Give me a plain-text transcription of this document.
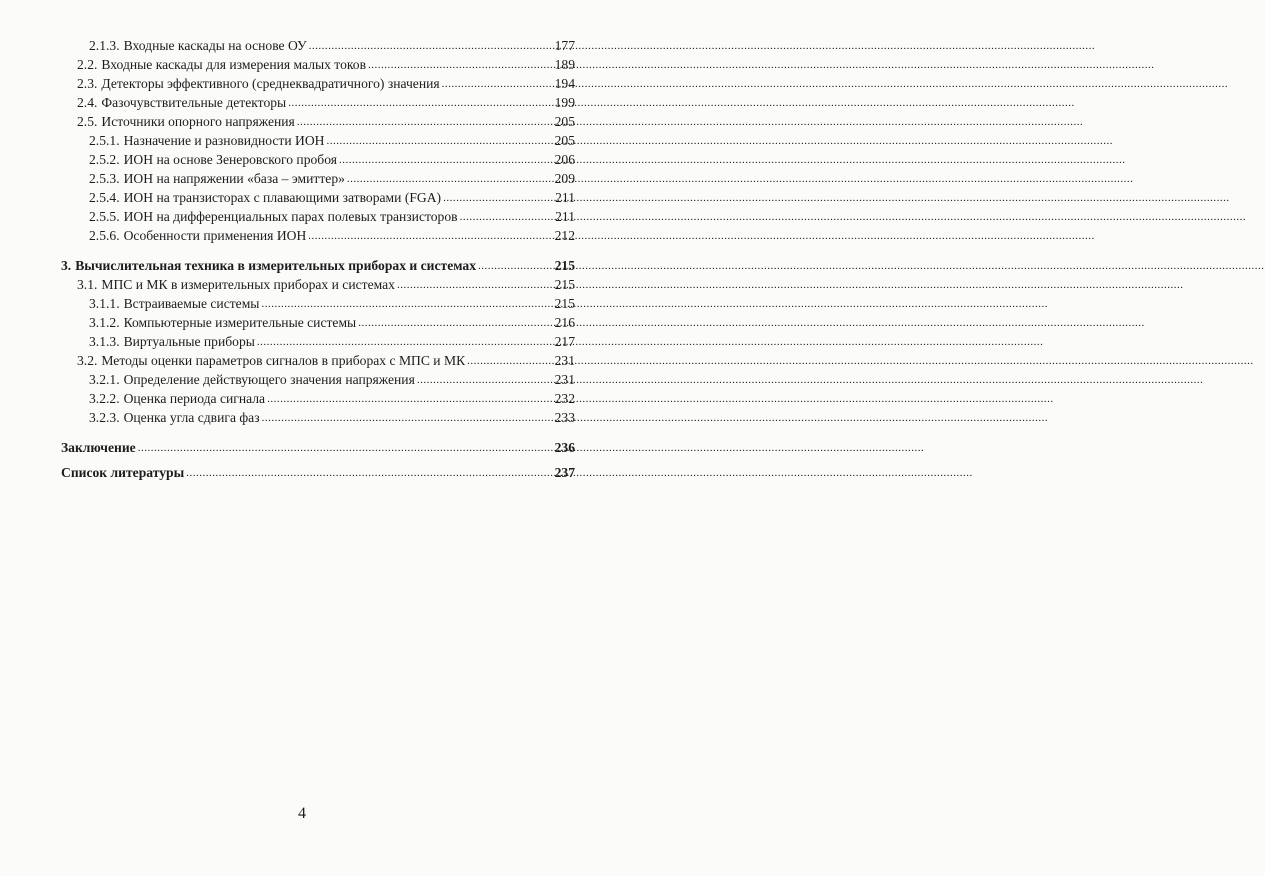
2.1.3. Входные каскады на основе ОУ .....	177
2.2. Входные каскады для измерения малых токов .....	189
2.3. Детекторы эффективного (среднеквадратичного) значения .....	194
2.4. Фазочувствительные детекторы .....	199
2.5. Источники опорного напряжения .....	205
2.5.1. Назначение и разновидности ИОН .....	205
2.5.2. ИОН на основе Зенеровского пробоя .....	206
2.5.3. ИОН на напряжении «база – эмиттер» .....	209
2.5.4. ИОН на транзисторах с плавающими затворами (FGA) .....	211
2.5.5. ИОН на дифференциальных парах полевых транзисторов .....	211
2.5.6. Особенности применения ИОН .....	212
3. Вычислительная техника в измерительных приборах и системах .....	215
3.1. МПС и МК в измерительных приборах и системах .....	215
3.1.1. Встраиваемые системы .....	215
3.1.2. Компьютерные измерительные системы .....	216
3.1.3. Виртуальные приборы .....	217
3.2. Методы оценки параметров сигналов в приборах с МПС и МК .....	231
3.2.1. Определение действующего значения напряжения .....	231
3.2.2. Оценка периода сигнала .....	232
3.2.3. Оценка угла сдвига фаз .....	233
Заключение .....	236
Список литературы .....	237
4
